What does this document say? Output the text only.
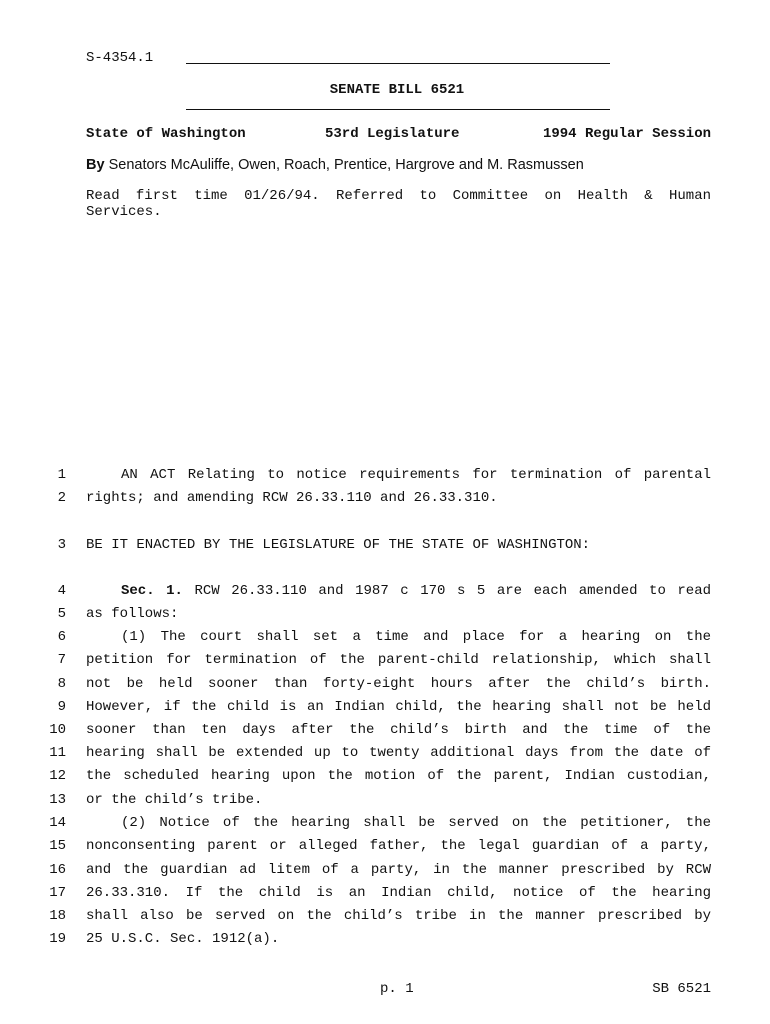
S-4354.1
SENATE BILL 6521
State of Washington	53rd Legislature	1994 Regular Session
By Senators McAuliffe, Owen, Roach, Prentice, Hargrove and M. Rasmussen
Read first time 01/26/94. Referred to Committee on Health & Human
Services.
1	AN ACT Relating to notice requirements for termination of parental
2 rights; and amending RCW 26.33.110 and 26.33.310.
3 BE IT ENACTED BY THE LEGISLATURE OF THE STATE OF WASHINGTON:
4	Sec. 1. RCW 26.33.110 and 1987 c 170 s 5 are each amended to read
5 as follows:
6	(1) The court shall set a time and place for a hearing on the
7 petition for termination of the parent-child relationship, which shall
8 not be held sooner than forty-eight hours after the child’s birth.
9 However, if the child is an Indian child, the hearing shall not be held
10 sooner than ten days after the child’s birth and the time of the
11 hearing shall be extended up to twenty additional days from the date of
12 the scheduled hearing upon the motion of the parent, Indian custodian,
13 or the child’s tribe.
14	(2) Notice of the hearing shall be served on the petitioner, the
15 nonconsenting parent or alleged father, the legal guardian of a party,
16 and the guardian ad litem of a party, in the manner prescribed by RCW
17 26.33.310. If the child is an Indian child, notice of the hearing
18 shall also be served on the child’s tribe in the manner prescribed by
19 25 U.S.C. Sec. 1912(a).
p. 1	SB 6521
